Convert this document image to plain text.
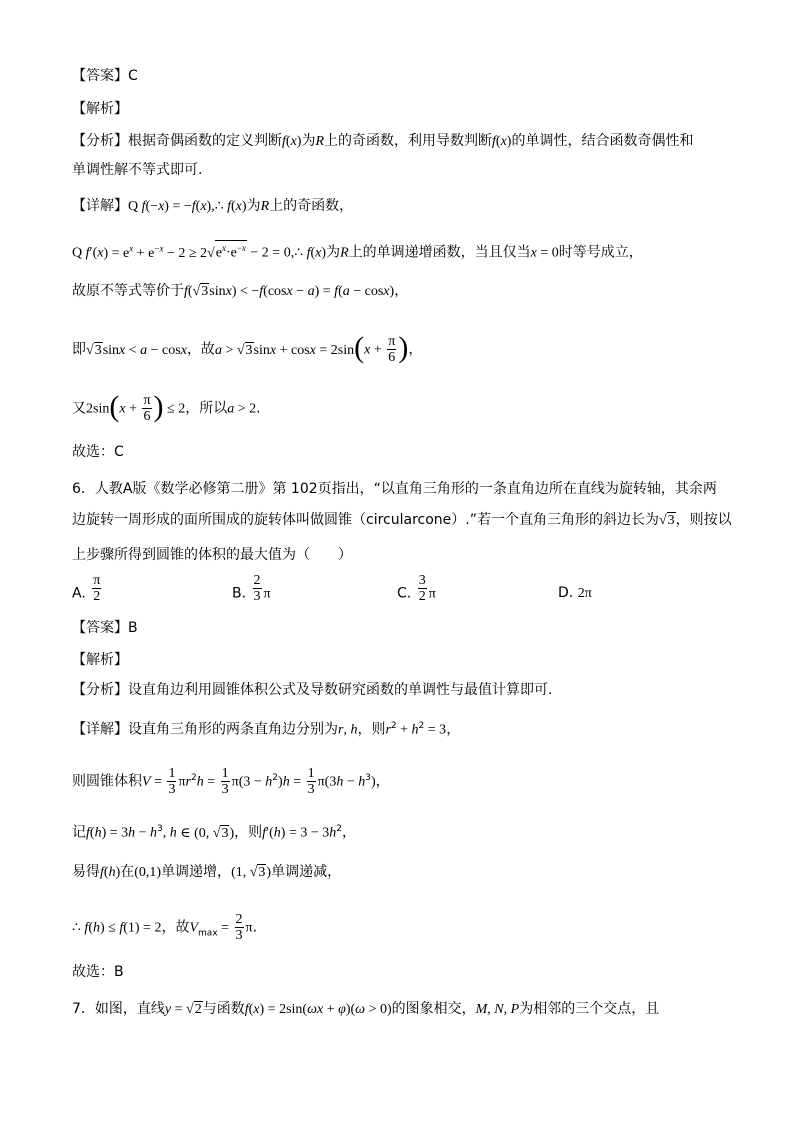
【答案】C
【解析】
【分析】根据奇偶函数的定义判断f(x)为R上的奇函数，利用导数判断f(x)的单调性，结合函数奇偶性和
单调性解不等式即可.
【详解】Q f(−x) = −f(x),∴ f(x)为R上的奇函数，
Q $f'(x) = e^x + e^{-x} - 2 \ge 2√e^x\cdot e^{-x} - 2$ = 0,∴ f(x)为R上的单调递增函数，当且仅当x = 0时等号成立，
故原不等式等价于f(√3sinx) < −f(cosx − a) = f(a − cosx)，
即√3sinx < a − cosx，故$a > √3\sin x + \cos x = 2\sin(x + \frac{\pi}{6}$ )，
又$2\sin(x + \frac{\pi}{6}$ ) ≤ 2，所以a > 2.
故选：C
6．人教A版《数学必修第二册》第 102页指出，“以直角三角形的一条直角边所在直线为旋转轴，其余两
边旋转一周形成的面所围成的旋转体叫做圆锥（circularcone）.”若一个直角三角形的斜边长为√3，则按以
上步骤所得到圆锥的体积的最大值为（　　）
A. $\frac{\pi}{2}$	B. $\frac{2}{3}$ π	C. $\frac{3}{2}$ π	D. 2π
【答案】B
【解析】
【分析】设直角边利用圆锥体积公式及导数研究函数的单调性与最值计算即可.
【详解】设直角三角形的两条直角边分别为r, h，则$r^2 + h^2 = 3$，
则圆锥体积$V = \frac{1}{3} \pi r^2h = \frac{1}{3} \pi(3 - h^2)h = \frac{1}{3} \pi(3h - h^3)$，
记$f(h) = 3h - h^3$, h ∈ (0, √3)，则$f'(h) = 3 - 3h^2$，
易得f(h)在(0,1)单调递增，(1, √3)单调递减，
∴ f(h) ≤ f(1) = 2，故$V_{max} = \frac{2}{3} \pi$.
故选：B
7．如图，直线y = √2与函数f(x) = 2sin(ωx + φ)(ω > 0)的图象相交，M, N, P为相邻的三个交点，且
